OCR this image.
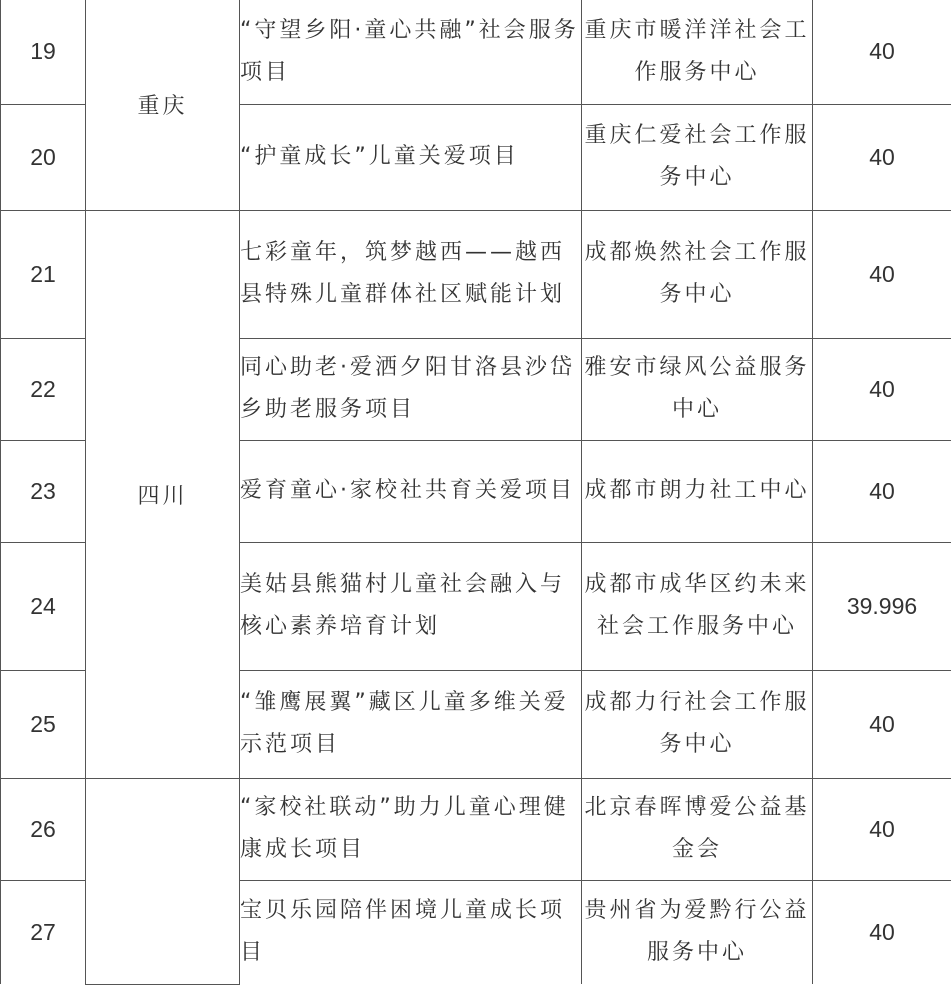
19	重庆	“守望乡阳·童心共融”社会服务项目	重庆市暖洋洋社会工作服务中心	40
20		“护童成长”儿童关爱项目	重庆仁爱社会工作服务中心	40
21	四川	七彩童年，筑梦越西——越西县特殊儿童群体社区赋能计划	成都焕然社会工作服务中心	40
22		同心助老·爱洒夕阳甘洛县沙岱乡助老服务项目	雅安市绿风公益服务中心	40
23		爱育童心·家校社共育关爱项目	成都市朗力社工中心	40
24		美姑县熊猫村儿童社会融入与核心素养培育计划	成都市成华区约未来社会工作服务中心	39.996
25		“雏鹰展翼”藏区儿童多维关爱示范项目	成都力行社会工作服务中心	40
26		“家校社联动”助力儿童心理健康成长项目	北京春晖博爱公益基金会	40
27		宝贝乐园陪伴困境儿童成长项目	贵州省为爱黔行公益服务中心	40
